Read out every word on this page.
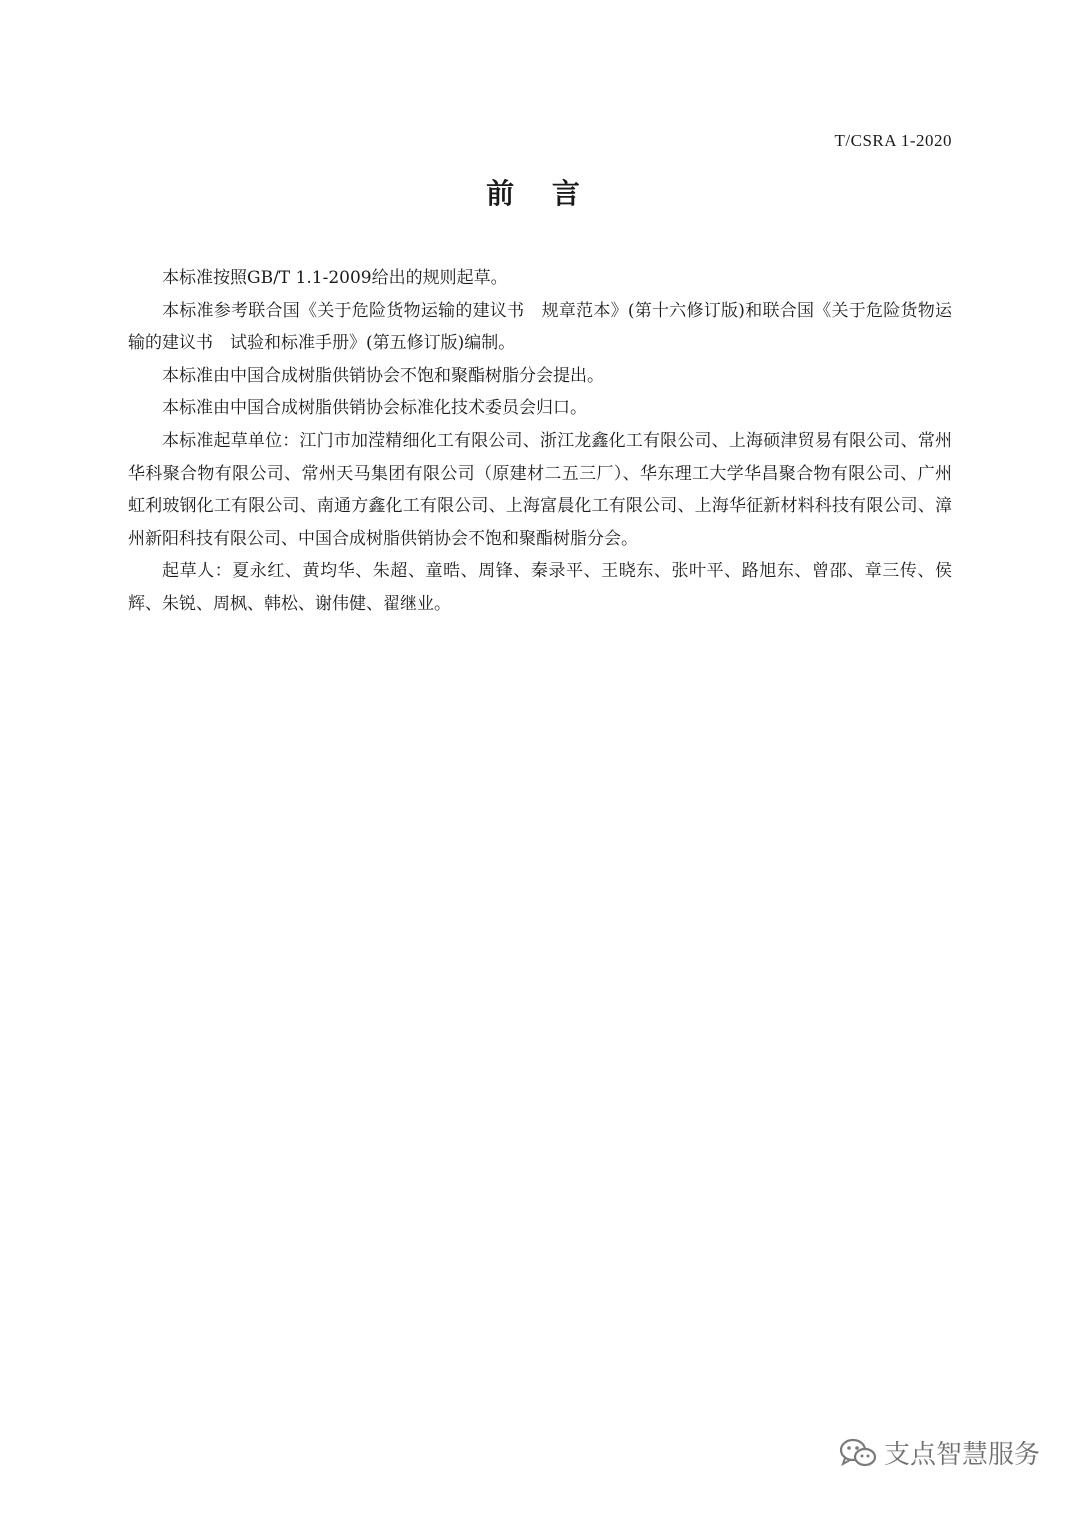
T/CSRA 1-2020
前 言

本标准按照GB/T 1.1-2009给出的规则起草。

本标准参考联合国《关于危险货物运输的建议书　规章范本》(第十六修订版)和联合国《关于危险货物运输的建议书　试验和标准手册》(第五修订版)编制。

本标准由中国合成树脂供销协会不饱和聚酯树脂分会提出。

本标准由中国合成树脂供销协会标准化技术委员会归口。

本标准起草单位：江门市加滢精细化工有限公司、浙江龙鑫化工有限公司、上海硕津贸易有限公司、常州华科聚合物有限公司、常州天马集团有限公司（原建材二五三厂）、华东理工大学华昌聚合物有限公司、广州虹利玻钢化工有限公司、南通方鑫化工有限公司、上海富晨化工有限公司、上海华征新材料科技有限公司、漳州新阳科技有限公司、中国合成树脂供销协会不饱和聚酯树脂分会。

起草人：夏永红、黄均华、朱超、童晧、周锋、秦录平、王晓东、张叶平、路旭东、曾邵、章三传、侯辉、朱锐、周枫、韩松、谢伟健、翟继业。

支点智慧服务
